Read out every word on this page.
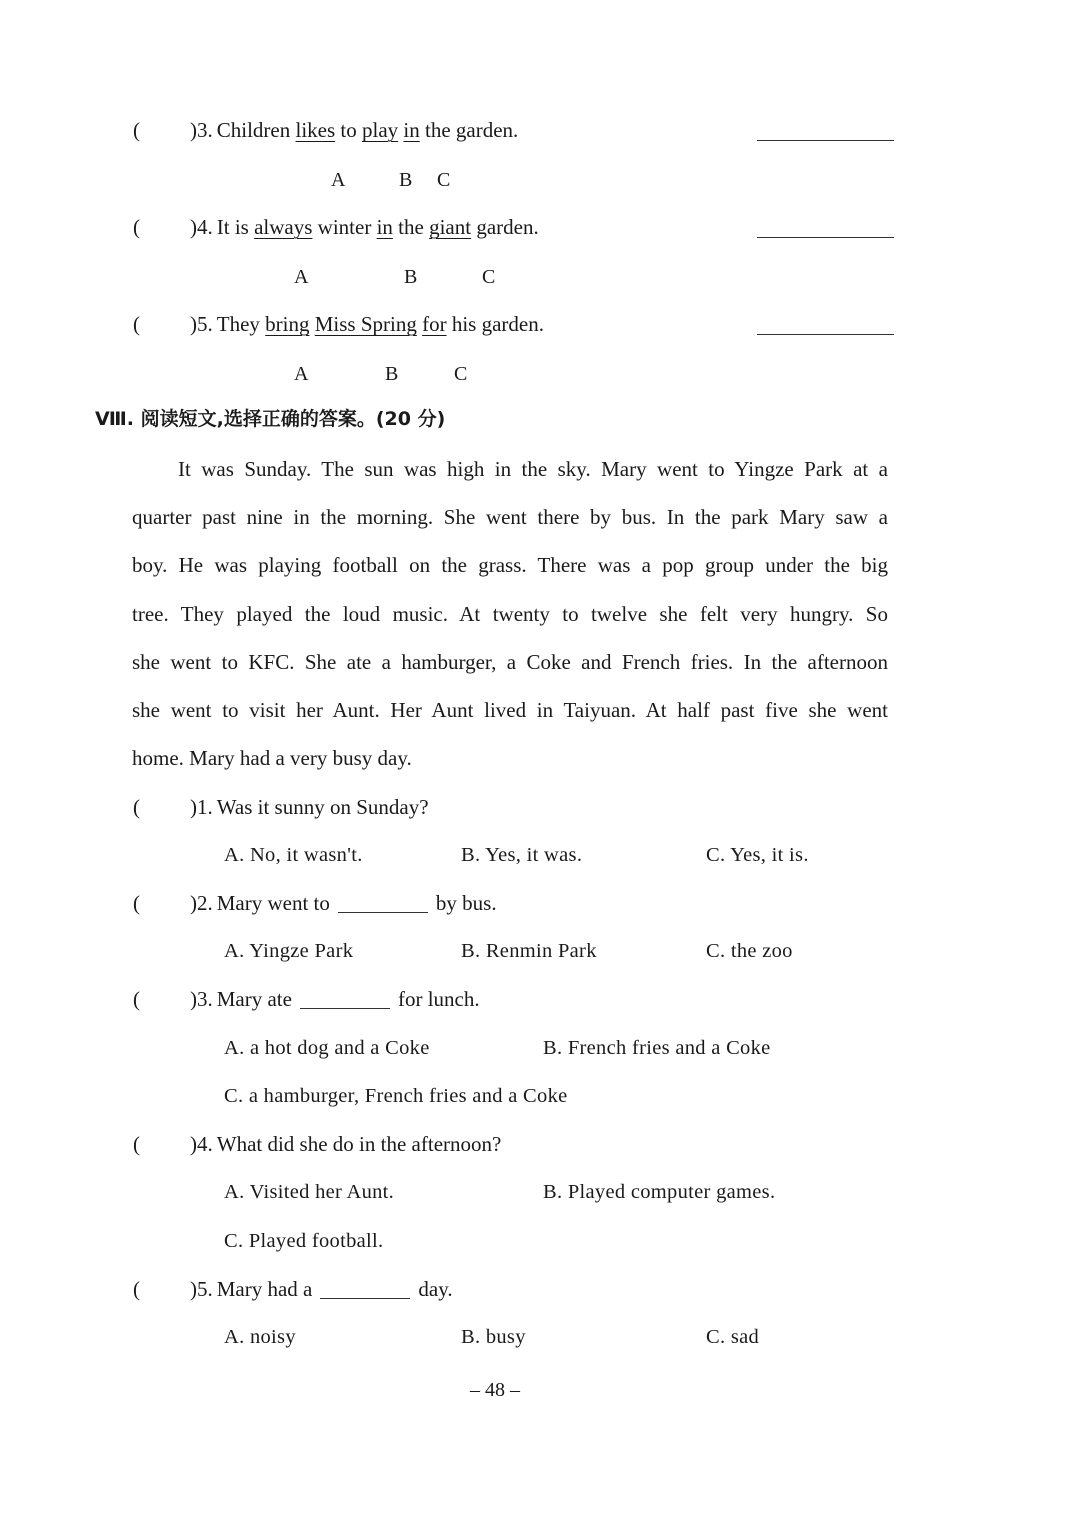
( )3. Children likes to play in the garden.
A	B C
( )4. It is always winter in the giant garden.
A	B	C
( )5. They bring Miss Spring for his garden.
A	B	C
Ⅷ. 阅读短文,选择正确的答案。(20 分)
It was Sunday. The sun was high in the sky. Mary went to Yingze Park at a
quarter past nine in the morning. She went there by bus. In the park Mary saw a
boy. He was playing football on the grass. There was a pop group under the big
tree. They played the loud music. At twenty to twelve she felt very hungry. So
she went to KFC. She ate a hamburger, a Coke and French fries. In the afternoon
she went to visit her Aunt. Her Aunt lived in Taiyuan. At half past five she went
home. Mary had a very busy day.
( )1. Was it sunny on Sunday?
A. No, it wasn't.	B. Yes, it was.	C. Yes, it is.
( )2. Mary went to	by bus.
A. Yingze Park	B. Renmin Park	C. the zoo
( )3. Mary ate	for lunch.
A. a hot dog and a Coke	B. French fries and a Coke
C. a hamburger, French fries and a Coke
( )4. What did she do in the afternoon?
A. Visited her Aunt.	B. Played computer games.
C. Played football.
( )5. Mary had a	day.
A. noisy	B. busy	C. sad
– 48 –
